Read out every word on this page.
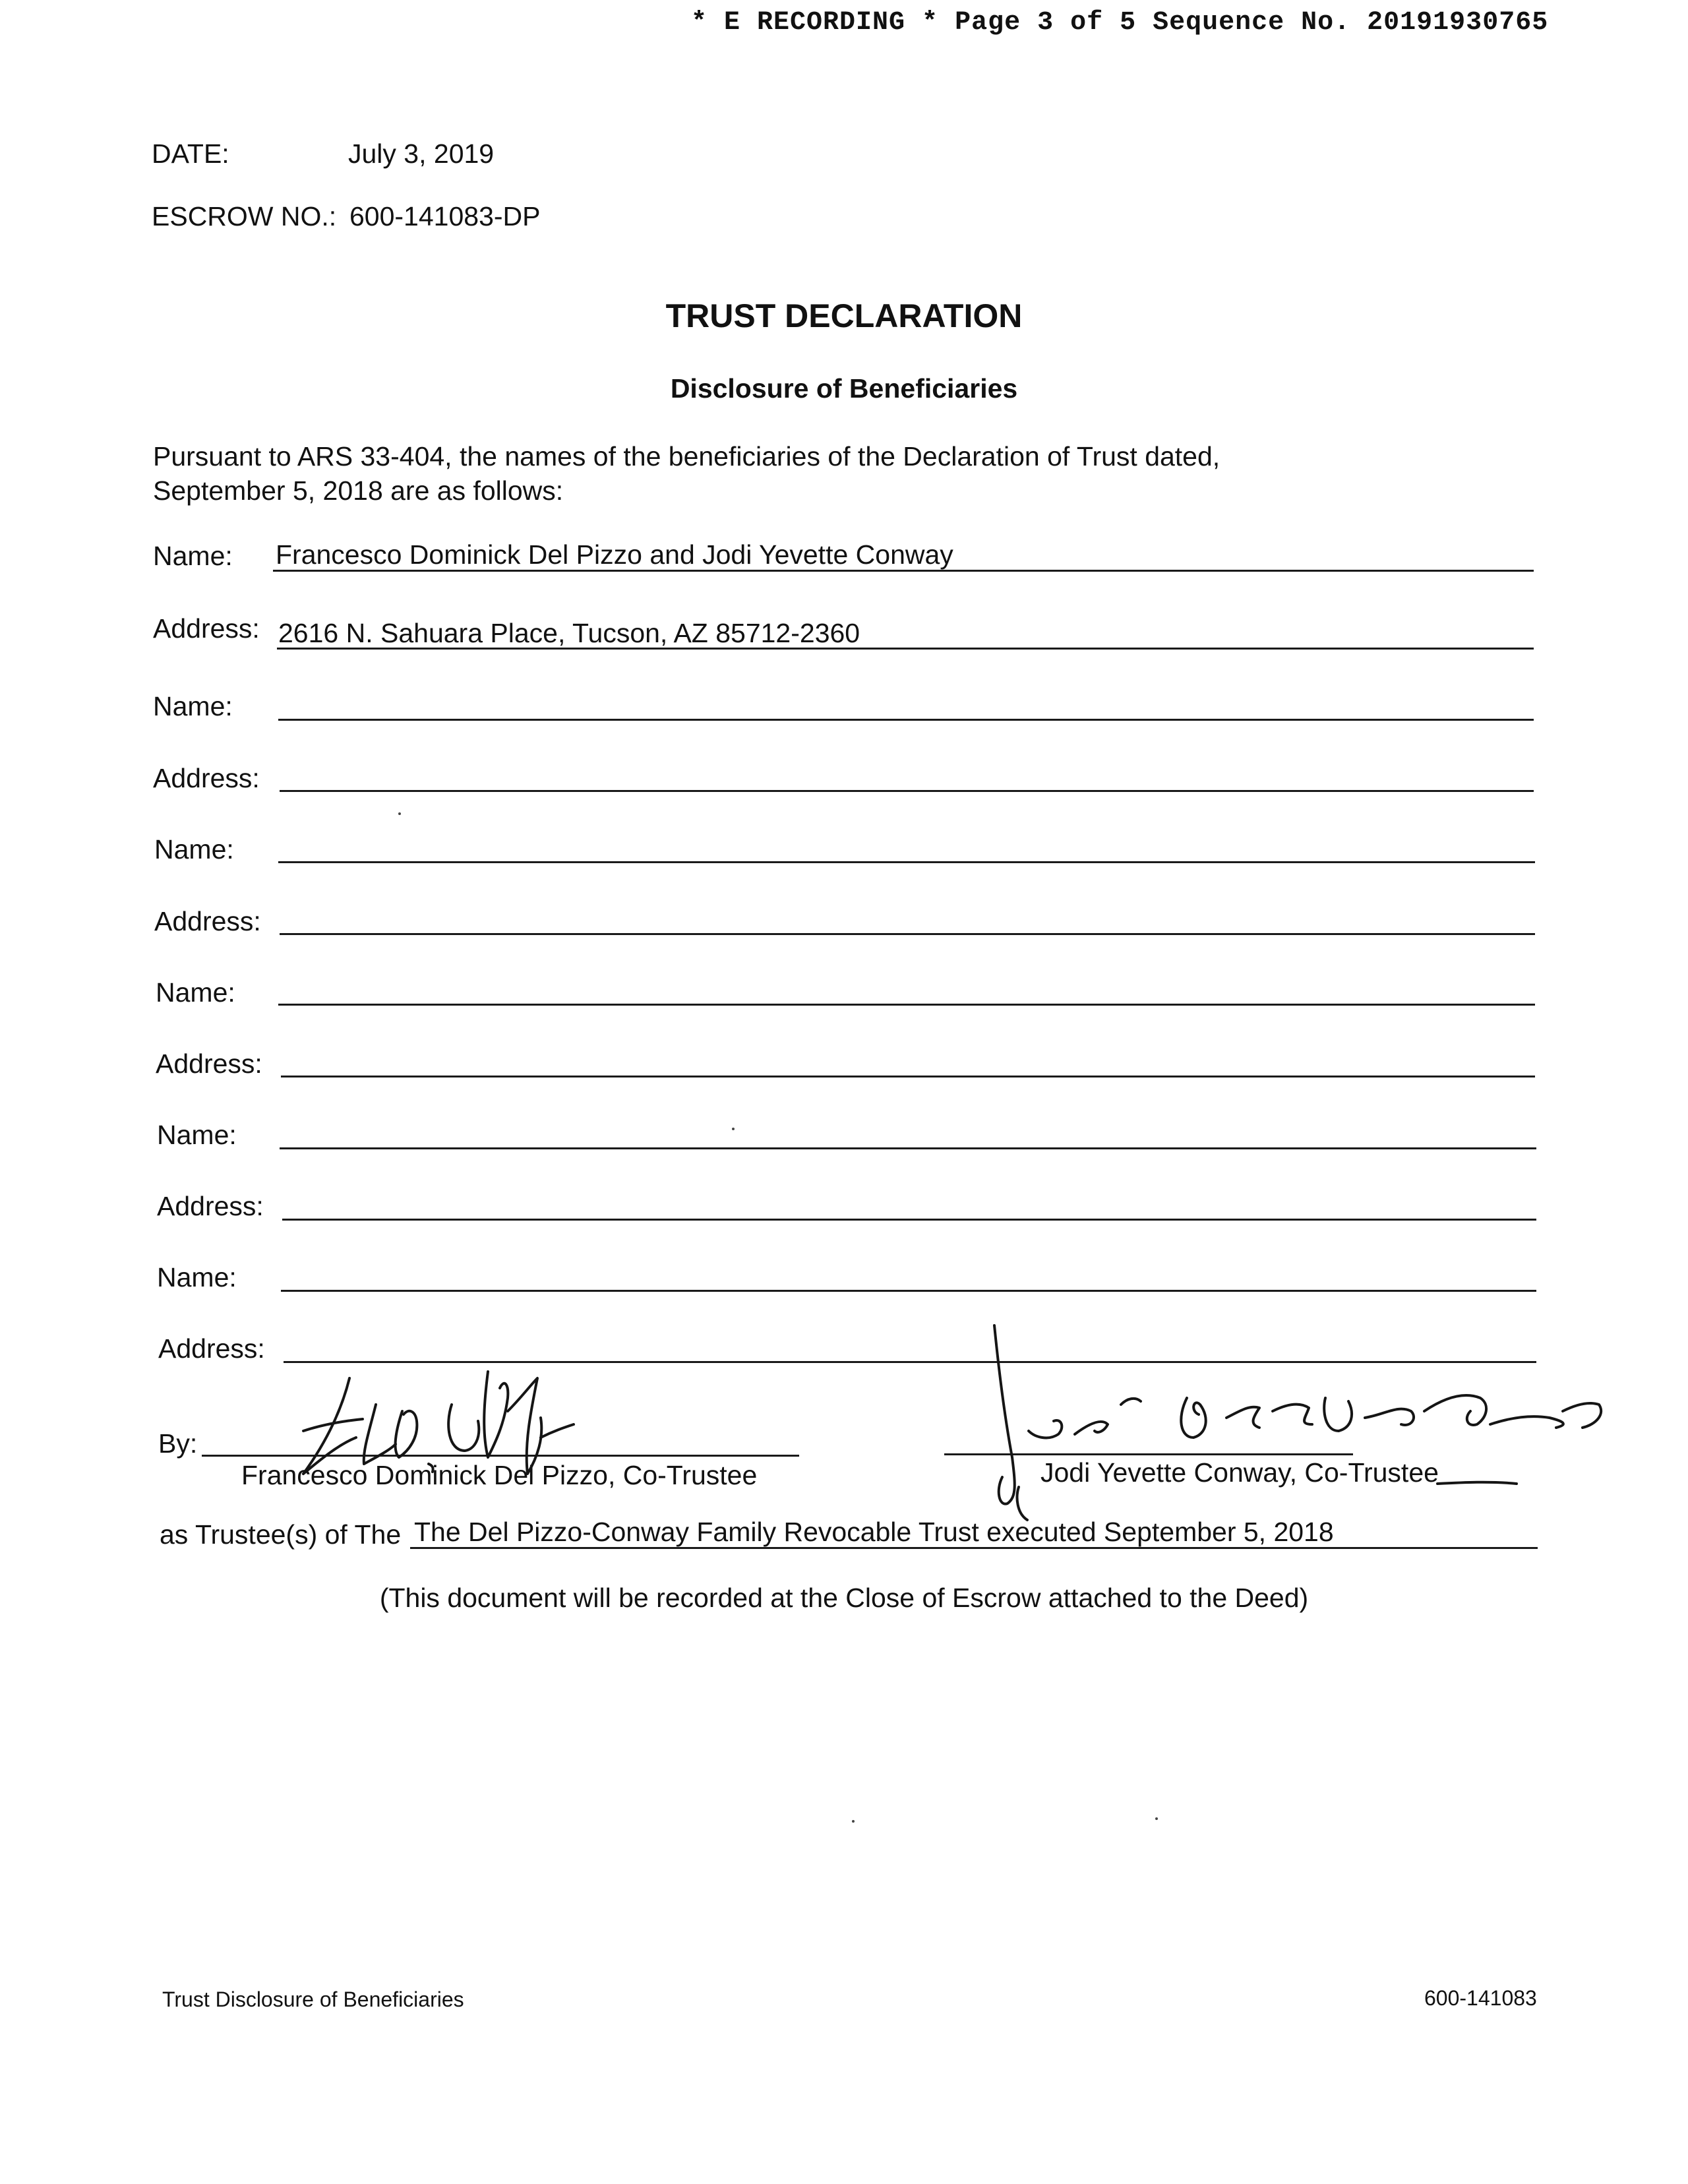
* E RECORDING * Page 3 of 5 Sequence No. 20191930765
DATE:	July 3, 2019
ESCROW NO.: 600-141083-DP
TRUST DECLARATION
Disclosure of Beneficiaries
Pursuant to ARS 33-404, the names of the beneficiaries of the Declaration of Trust dated,
September 5, 2018 are as follows:
Name: Francesco Dominick Del Pizzo and Jodi Yevette Conway
Address: 2616 N. Sahuara Place, Tucson, AZ 85712-2360
Name:
Address:
Name:
Address:
Name:
Address:
Name:
Address:
Name:
Address:
By:
Francesco Dominick Del Pizzo, Co-Trustee	Jodi Yevette Conway, Co-Trustee
as Trustee(s) of The The Del Pizzo-Conway Family Revocable Trust executed September 5, 2018
(This document will be recorded at the Close of Escrow attached to the Deed)
Trust Disclosure of Beneficiaries	600-141083
